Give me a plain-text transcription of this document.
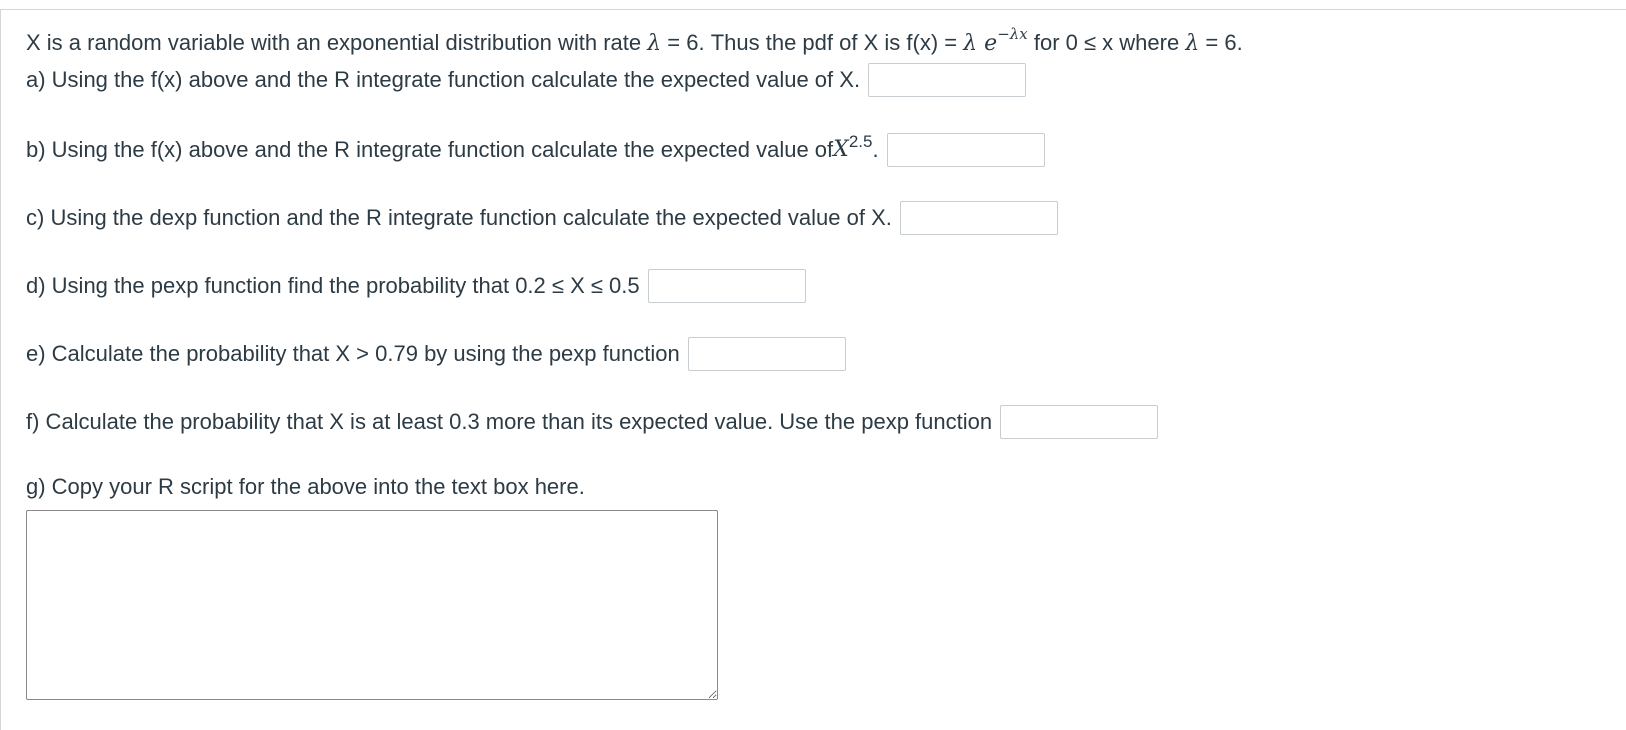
X is a random variable with an exponential distribution with rate λ = 6. Thus the pdf of X is f(x) = λ $e^{-\lambda x}$ for 0 ≤ x where λ = 6.
a) Using the f(x) above and the R integrate function calculate the expected value of X.
b) Using the f(x) above and the R integrate function calculate the expected value of X 2.5 .
c) Using the dexp function and the R integrate function calculate the expected value of X.
d) Using the pexp function find the probability that 0.2 ≤ X ≤ 0.5
e) Calculate the probability that X > 0.79 by using the pexp function
f) Calculate the probability that X is at least 0.3 more than its expected value. Use the pexp function
g) Copy your R script for the above into the text box here.
